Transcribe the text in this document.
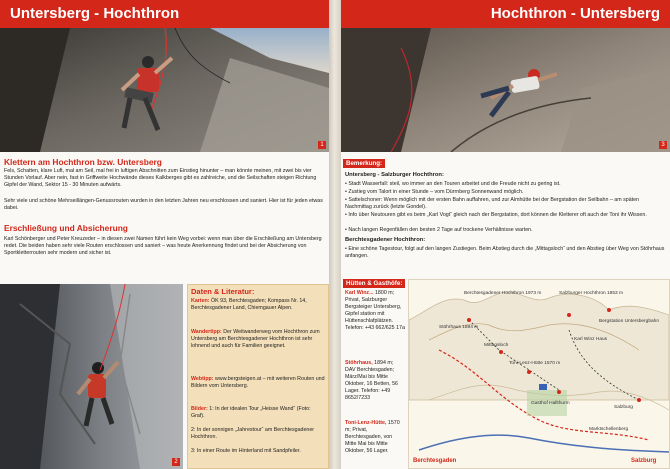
Untersberg - Hochthron
1
Klettern am Hochthron bzw. Untersberg
Fels, Schatten, klare Luft, mal am Seil, mal frei in luftigen Abschnitten zum Einstieg hinunter – man könnte meinen, mit zwei bis vier Stunden Vorlauf. Aber nein, fast in Griffweite Hochwände dieses Kalkberges gibt es zahlreiche, und die Seilschaften steigen Richtung Gipfel der Wand, Sektor 15 - 30 Minuten aufwärts.
Sehr viele und schöne Mehrseillängen-Genussrouten wurden in den letzten Jahren neu erschlossen und saniert. Hier ist für jeden etwas dabei.
Erschließung und Absicherung
Karl Schönberger und Peter Kreuzeder – in diesen zwei Namen führt kein Weg vorbei: wenn man über die Erschließung am Untersberg redet. Die beiden haben sehr viele Routen erschlossen und saniert – was heute Anerkennung findet und bei der Absicherung von Sportkletterrouten sehr modern und sicher ist.
2
Daten & Literatur:
Karten: ÖK 93, Berchtesgaden; Kompass Nr. 14, Berchtesgadener Land, Chiemgauer Alpen.
Wandertipp: Der Weitwanderweg vom Hochthron zum Untersberg am Berchtesgadener Hochthron ist sehr lohnend und auch für Familien geeignet.
Webtipp: www.bergsteigen.at – mit weiteren Routen und Bildern vom Untersberg.
Bilder: 1: In der idealen Tour „Heisse Wand“ (Foto: Graf).
2: In der sonnigen „Jahrestour“ am Berchtesgadener Hochthron.
3: In einer Route im Hinterland mit Sandpfeiler.
Hochthron - Untersberg
3
Bemerkung:
Untersberg - Salzburger Hochthron:
• Stadt Wasserfall: steil, wo immer an den Touren arbeitet und die Freude nicht zu gering ist.
• Zustieg vom Talort in einer Stunde – vom Dürrnberg Sonnenwand möglich.
• Sattelschoner: Wenn möglich mit der ersten Bahn auffahren, und zur Almhütte bei der Bergstation der Seilbahn – am späten Nachmittag zurück (letzte Gondel).
• Info über Neutouren gibt es beim „Karl Vogt“ gleich nach der Bergstation, dort können die Kletterer oft auch der Toni ihr Wissen.
• Nach langen Regenfällen den besten 2 Tage auf trockene Verhältnisse warten.
Berchtesgadener Hochthron:
• Eine schöne Tagestour, folgt auf den langen Zustiegen. Beim Abstieg durch die „Mittagsloch“ und den Abstieg über Weg von Stöhrhaus anfangen.
Hütten & Gasthöfe:
Karl Winz... 1800 m; Privat, Salzburger Bergsteiger Untersberg, Gipfel station mit Hüttenschlafplätzen. Telefon: +43 662/625 17a
Stöhrhaus, 1894 m; DAV Berchtesgaden; März/Mai bis Mitte Oktober, 16 Betten, 56 Lager. Telefon: +49 8652/7233
Toni-Lenz-Hütte, 1570 m; Privat, Berchtesgaden, von Mitte Mai bis Mitte Oktober, 56 Lager.
Berchtesgadener Hochthron 1973 m	Salzburger Hochthron 1853 m
Stöhrhaus 1894 m
Bergstation Untersbergbahn
Karl Winz Haus
Toni-Lenz-Hütte 1570 m
Mittagsloch
Gasthof Hallthurm
Marktschellenberg
Salzburg
Berchtesgaden	Salzburg
